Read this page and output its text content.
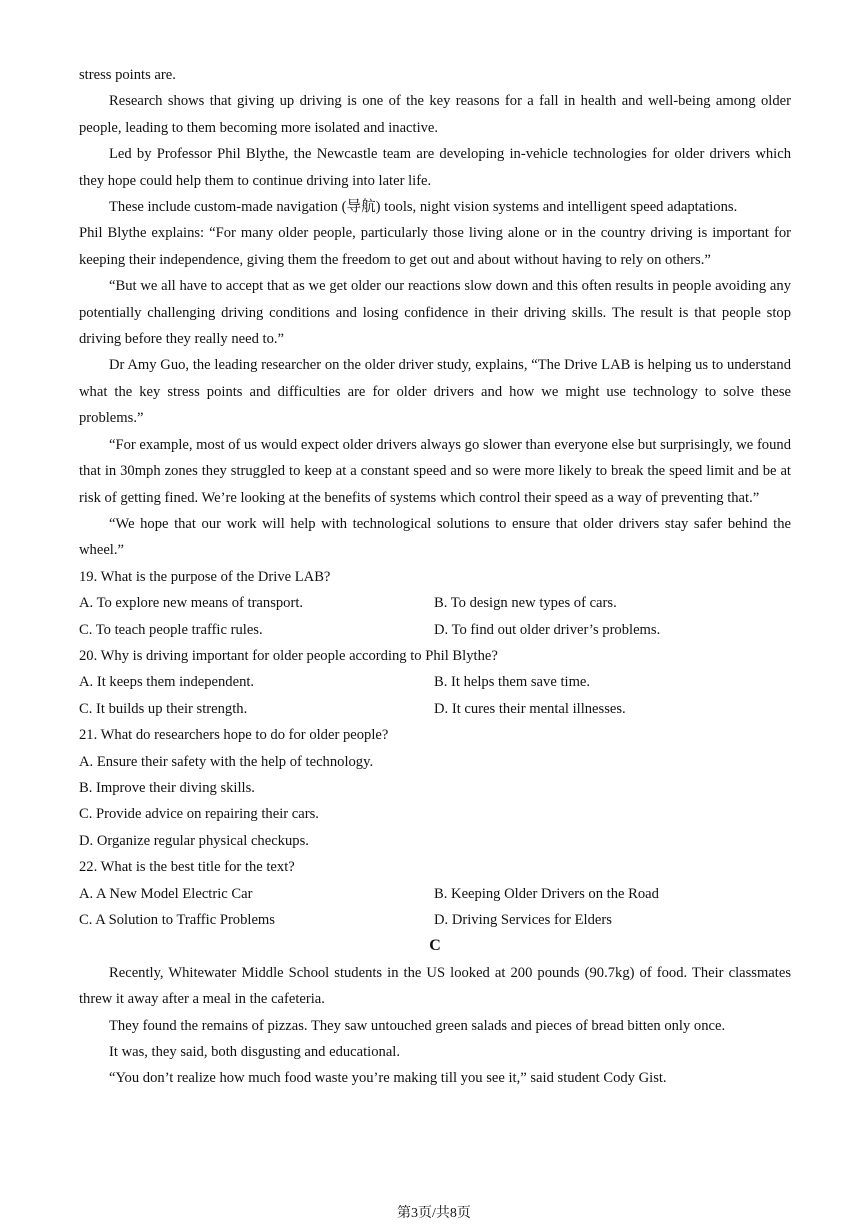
stress points are.

Research shows that giving up driving is one of the key reasons for a fall in health and well-being among older people, leading to them becoming more isolated and inactive.

Led by Professor Phil Blythe, the Newcastle team are developing in-vehicle technologies for older drivers which they hope could help them to continue driving into later life.

These include custom-made navigation (导航) tools, night vision systems and intelligent speed adaptations.

Phil Blythe explains: “For many older people, particularly those living alone or in the country driving is important for keeping their independence, giving them the freedom to get out and about without having to rely on others.”

“But we all have to accept that as we get older our reactions slow down and this often results in people avoiding any potentially challenging driving conditions and losing confidence in their driving skills. The result is that people stop driving before they really need to.”

Dr Amy Guo, the leading researcher on the older driver study, explains, “The Drive LAB is helping us to understand what the key stress points and difficulties are for older drivers and how we might use technology to solve these problems.”

“For example, most of us would expect older drivers always go slower than everyone else but surprisingly, we found that in 30mph zones they struggled to keep at a constant speed and so were more likely to break the speed limit and be at risk of getting fined. We’re looking at the benefits of systems which control their speed as a way of preventing that.”

“We hope that our work will help with technological solutions to ensure that older drivers stay safer behind the wheel.”

19. What is the purpose of the Drive LAB?

A. To explore new means of transport.	B. To design new types of cars.
C. To teach people traffic rules.	D. To find out older driver’s problems.

20. Why is driving important for older people according to Phil Blythe?

A. It keeps them independent.	B. It helps them save time.
C. It builds up their strength.	D. It cures their mental illnesses.

21. What do researchers hope to do for older people?

A. Ensure their safety with the help of technology.
B. Improve their diving skills.
C. Provide advice on repairing their cars.
D. Organize regular physical checkups.

22. What is the best title for the text?

A. A New Model Electric Car	B. Keeping Older Drivers on the Road
C. A Solution to Traffic Problems	D. Driving Services for Elders

C

Recently, Whitewater Middle School students in the US looked at 200 pounds (90.7kg) of food. Their classmates threw it away after a meal in the cafeteria.

They found the remains of pizzas. They saw untouched green salads and pieces of bread bitten only once.

It was, they said, both disgusting and educational.

“You don’t realize how much food waste you’re making till you see it,” said student Cody Gist.

第3页/共8页
